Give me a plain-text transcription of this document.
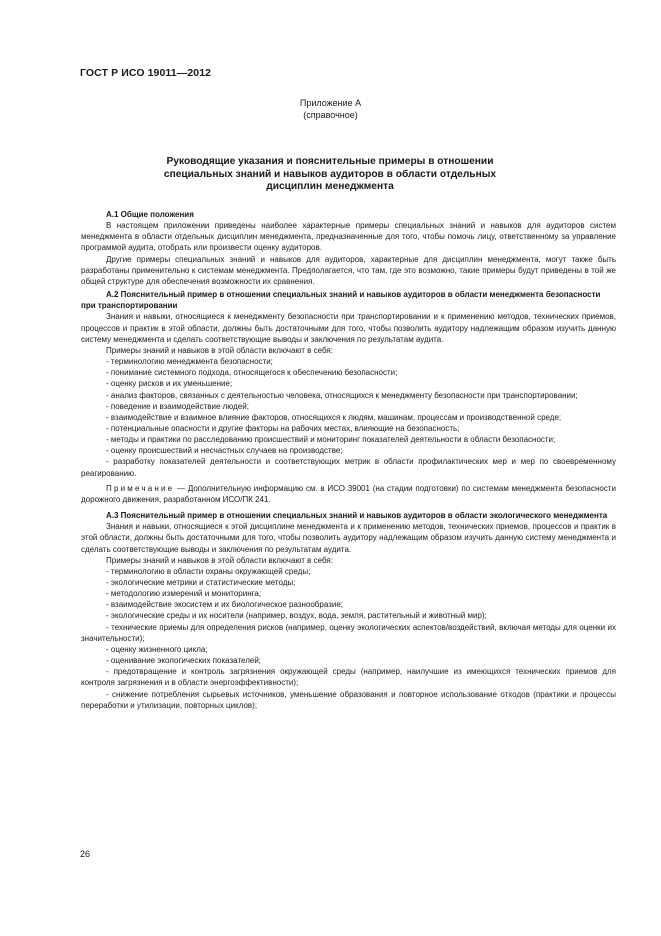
ГОСТ Р ИСО 19011—2012
Приложение А
(справочное)
Руководящие указания и пояснительные примеры в отношении
специальных знаний и навыков аудиторов в области отдельных
дисциплин менеджмента
А.1 Общие положения

В настоящем приложении приведены наиболее характерные примеры специальных знаний и навыков для аудиторов систем менеджмента в области отдельных дисциплин менеджмента, предназначенные для того, чтобы помочь лицу, ответственному за управление программой аудита, отобрать или произвести оценку аудиторов.

Другие примеры специальных знаний и навыков для аудиторов, характерные для дисциплин менеджмента, могут также быть разработаны применительно к системам менеджмента. Предполагается, что там, где это возможно, такие примеры будут приведены в той же общей структуре для обеспечения возможности их сравнения.

А.2 Пояснительный пример в отношении специальных знаний и навыков аудиторов в области менеджмента безопасности при транспортировании

Знания и навыки, относящиеся к менеджменту безопасности при транспортировании и к применению методов, технических приемов, процессов и практик в этой области, должны быть достаточными для того, чтобы позволить аудитору надлежащим образом изучить данную систему менеджмента и сделать соответствующие выводы и заключения по результатам аудита.

Примеры знаний и навыков в этой области включают в себя:

- терминологию менеджмента безопасности;

- понимание системного подхода, относящегося к обеспечению безопасности;

- оценку рисков и их уменьшение;

- анализ факторов, связанных с деятельностью человека, относящихся к менеджменту безопасности при транспортировании;

- поведение и взаимодействие людей;

- взаимодействие и взаимное влияние факторов, относящихся к людям, машинам, процессам и производственной среде;

- потенциальные опасности и другие факторы на рабочих местах, влияющие на безопасность;

- методы и практики по расследованию происшествий и мониторинг показателей деятельности в области безопасности;

- оценку происшествий и несчастных случаев на производстве;

- разработку показателей деятельности и соответствующих метрик в области профилактических мер и мер по своевременному реагированию.

Примечание — Дополнительную информацию см. в ИСО 39001 (на стадии подготовки) по системам менеджмента безопасности дорожного движения, разработанном ИСО/ПК 241.

А.3 Пояснительный пример в отношении специальных знаний и навыков аудиторов в области экологического менеджмента

Знания и навыки, относящиеся к этой дисциплине менеджмента и к применению методов, технических приемов, процессов и практик в этой области, должны быть достаточными для того, чтобы позволить аудитору надлежащим образом изучить данную систему менеджмента и сделать соответствующие выводы и заключения по результатам аудита.

Примеры знаний и навыков в этой области включают в себя:

- терминологию в области охраны окружающей среды;

- экологические метрики и статистические методы;

- методологию измерений и мониторинга;

- взаимодействие экосистем и их биологическое разнообразие;

- экологические среды и их носители (например, воздух, вода, земля, растительный и животный мир);

- технические приемы для определения рисков (например, оценку экологических аспектов/воздействий, включая методы для оценки их значительности);

- оценку жизненного цикла;

- оценивание экологических показателей;

- предотвращение и контроль загрязнения окружающей среды (например, наилучшие из имеющихся технических приемов для контроля загрязнения и в области энергоэффективности);

- снижение потребления сырьевых источников, уменьшение образования и повторное использование отходов (практики и процессы переработки и утилизации, повторных циклов);

26
